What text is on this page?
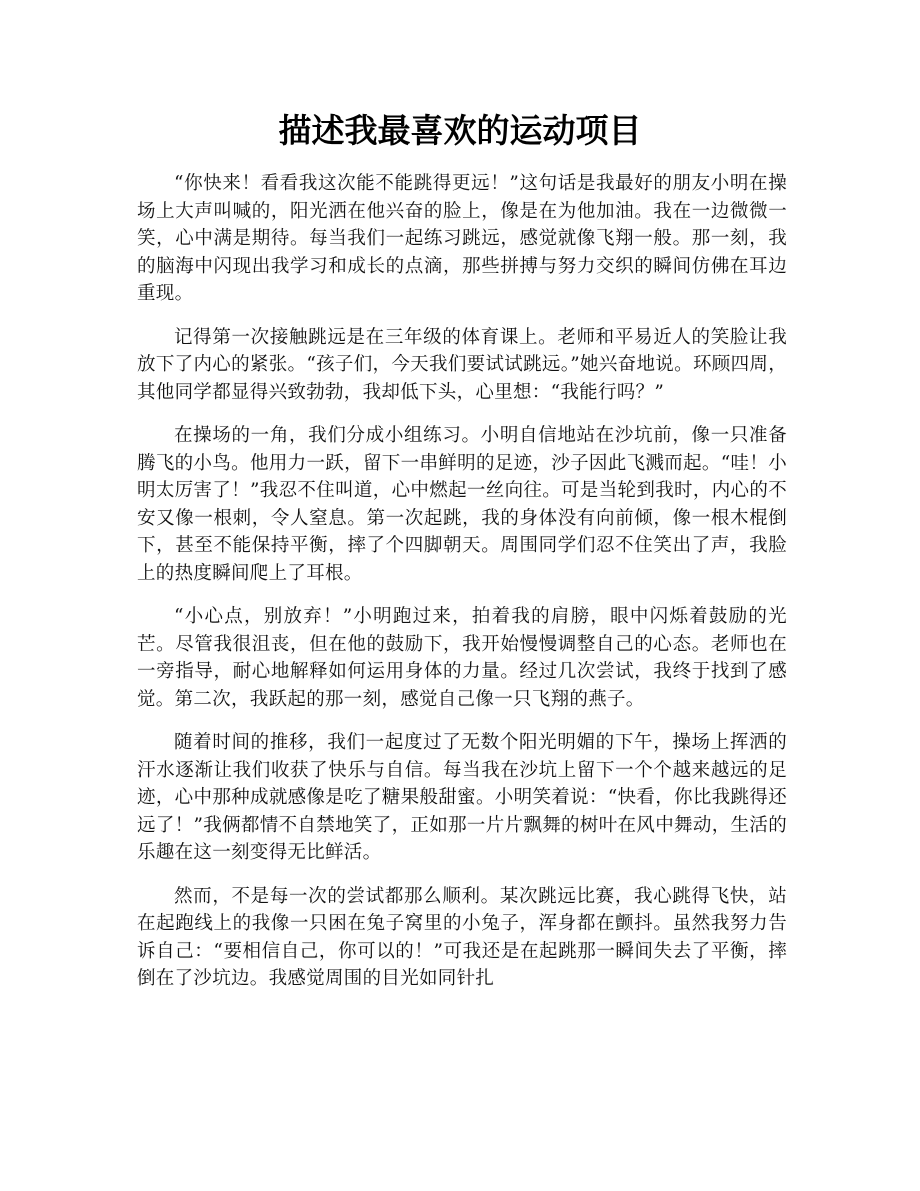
描述我最喜欢的运动项目

“你快来！看看我这次能不能跳得更远！”这句话是我最好的朋友小明在操场上大声叫喊的，阳光洒在他兴奋的脸上，像是在为他加油。我在一边微微一笑，心中满是期待。每当我们一起练习跳远，感觉就像飞翔一般。那一刻，我的脑海中闪现出我学习和成长的点滴，那些拼搏与努力交织的瞬间仿佛在耳边重现。

记得第一次接触跳远是在三年级的体育课上。老师和平易近人的笑脸让我放下了内心的紧张。“孩子们，今天我们要试试跳远。”她兴奋地说。环顾四周，其他同学都显得兴致勃勃，我却低下头，心里想：“我能行吗？”

在操场的一角，我们分成小组练习。小明自信地站在沙坑前，像一只准备腾飞的小鸟。他用力一跃，留下一串鲜明的足迹，沙子因此飞溅而起。“哇！小明太厉害了！”我忍不住叫道，心中燃起一丝向往。可是当轮到我时，内心的不安又像一根刺，令人窒息。第一次起跳，我的身体没有向前倾，像一根木棍倒下，甚至不能保持平衡，摔了个四脚朝天。周围同学们忍不住笑出了声，我脸上的热度瞬间爬上了耳根。

“小心点，别放弃！”小明跑过来，拍着我的肩膀，眼中闪烁着鼓励的光芒。尽管我很沮丧，但在他的鼓励下，我开始慢慢调整自己的心态。老师也在一旁指导，耐心地解释如何运用身体的力量。经过几次尝试，我终于找到了感觉。第二次，我跃起的那一刻，感觉自己像一只飞翔的燕子。

随着时间的推移，我们一起度过了无数个阳光明媚的下午，操场上挥洒的汗水逐渐让我们收获了快乐与自信。每当我在沙坑上留下一个个越来越远的足迹，心中那种成就感像是吃了糖果般甜蜜。小明笑着说：“快看，你比我跳得还远了！”我俩都情不自禁地笑了，正如那一片片飘舞的树叶在风中舞动，生活的乐趣在这一刻变得无比鲜活。

然而，不是每一次的尝试都那么顺利。某次跳远比赛，我心跳得飞快，站在起跑线上的我像一只困在兔子窝里的小兔子，浑身都在颤抖。虽然我努力告诉自己：“要相信自己，你可以的！”可我还是在起跳那一瞬间失去了平衡，摔倒在了沙坑边。我感觉周围的目光如同针扎
